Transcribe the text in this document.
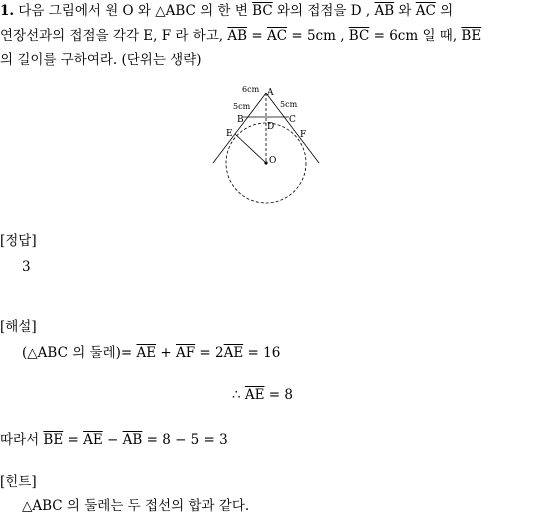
1. 다음 그림에서 원 O 와 △ABC 의 한 변 $\overline{BC}$ 와의 접점을 D , $\overline{AB}$ 와 $\overline{AC}$ 의
연장선과의 접점을 각각 E, F 라 하고, $\overline{AB} = \overline{AC} = 5cm$ , $\overline{BC} = 6cm$ 일 때, $\overline{BE}$
의 길이를 구하여라. (단위는 생략)
A
B	C
D
E	F
O
6cm
5cm	5cm
[정답]
3
[해설]
(△ABC 의 둘레)= $\overline{AE} + \overline{AF} = 2\overline{AE} = 16$
∴ $\overline{AE} = 8$
따라서 $\overline{BE} = \overline{AE} - \overline{AB} = 8 - 5 = 3$
[힌트]
△ABC 의 둘레는 두 접선의 합과 같다.
